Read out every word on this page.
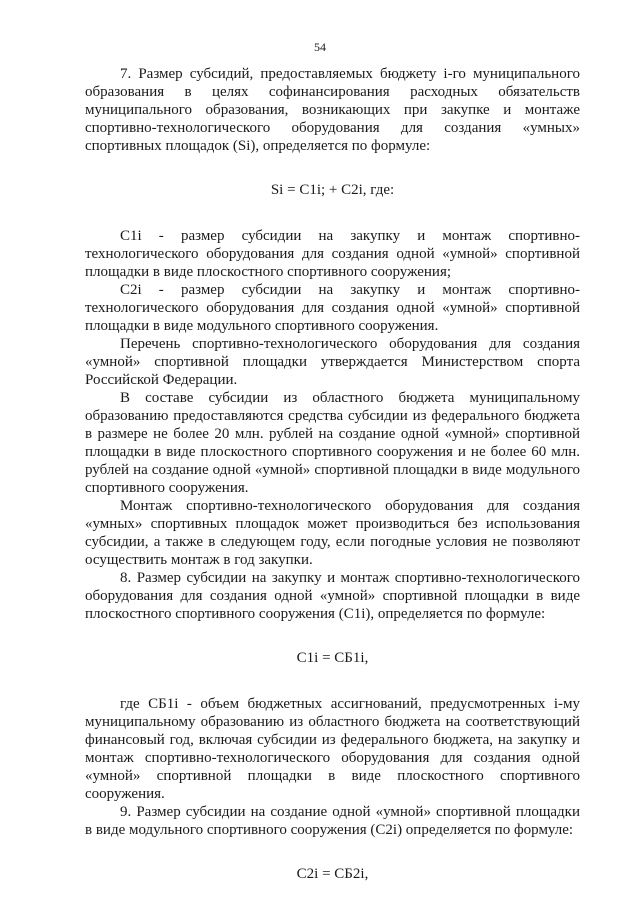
54

7. Размер субсидий, предоставляемых бюджету i-го муниципального образования в целях софинансирования расходных обязательств муниципального образования, возникающих при закупке и монтаже спортивно-технологического оборудования для создания «умных» спортивных площадок (Si), определяется по формуле:

Si = C1i; + C2i, где:

C1i - размер субсидии на закупку и монтаж спортивно-технологического оборудования для создания одной «умной» спортивной площадки в виде плоскостного спортивного сооружения;

C2i - размер субсидии на закупку и монтаж спортивно-технологического оборудования для создания одной «умной» спортивной площадки в виде модульного спортивного сооружения.

Перечень спортивно-технологического оборудования для создания «умной» спортивной площадки утверждается Министерством спорта Российской Федерации.

В составе субсидии из областного бюджета муниципальному образованию предоставляются средства субсидии из федерального бюджета в размере не более 20 млн. рублей на создание одной «умной» спортивной площадки в виде плоскостного спортивного сооружения и не более 60 млн. рублей на создание одной «умной» спортивной площадки в виде модульного спортивного сооружения.

Монтаж спортивно-технологического оборудования для создания «умных» спортивных площадок может производиться без использования субсидии, а также в следующем году, если погодные условия не позволяют осуществить монтаж в год закупки.

8. Размер субсидии на закупку и монтаж спортивно-технологического оборудования для создания одной «умной» спортивной площадки в виде плоскостного спортивного сооружения (C1i), определяется по формуле:

C1i = СБ1i,

где СБ1i - объем бюджетных ассигнований, предусмотренных i-му муниципальному образованию из областного бюджета на соответствующий финансовый год, включая субсидии из федерального бюджета, на закупку и монтаж спортивно-технологического оборудования для создания одной «умной» спортивной площадки в виде плоскостного спортивного сооружения.

9. Размер субсидии на создание одной «умной» спортивной площадки в виде модульного спортивного сооружения (C2i) определяется по формуле:

C2i = СБ2i,
